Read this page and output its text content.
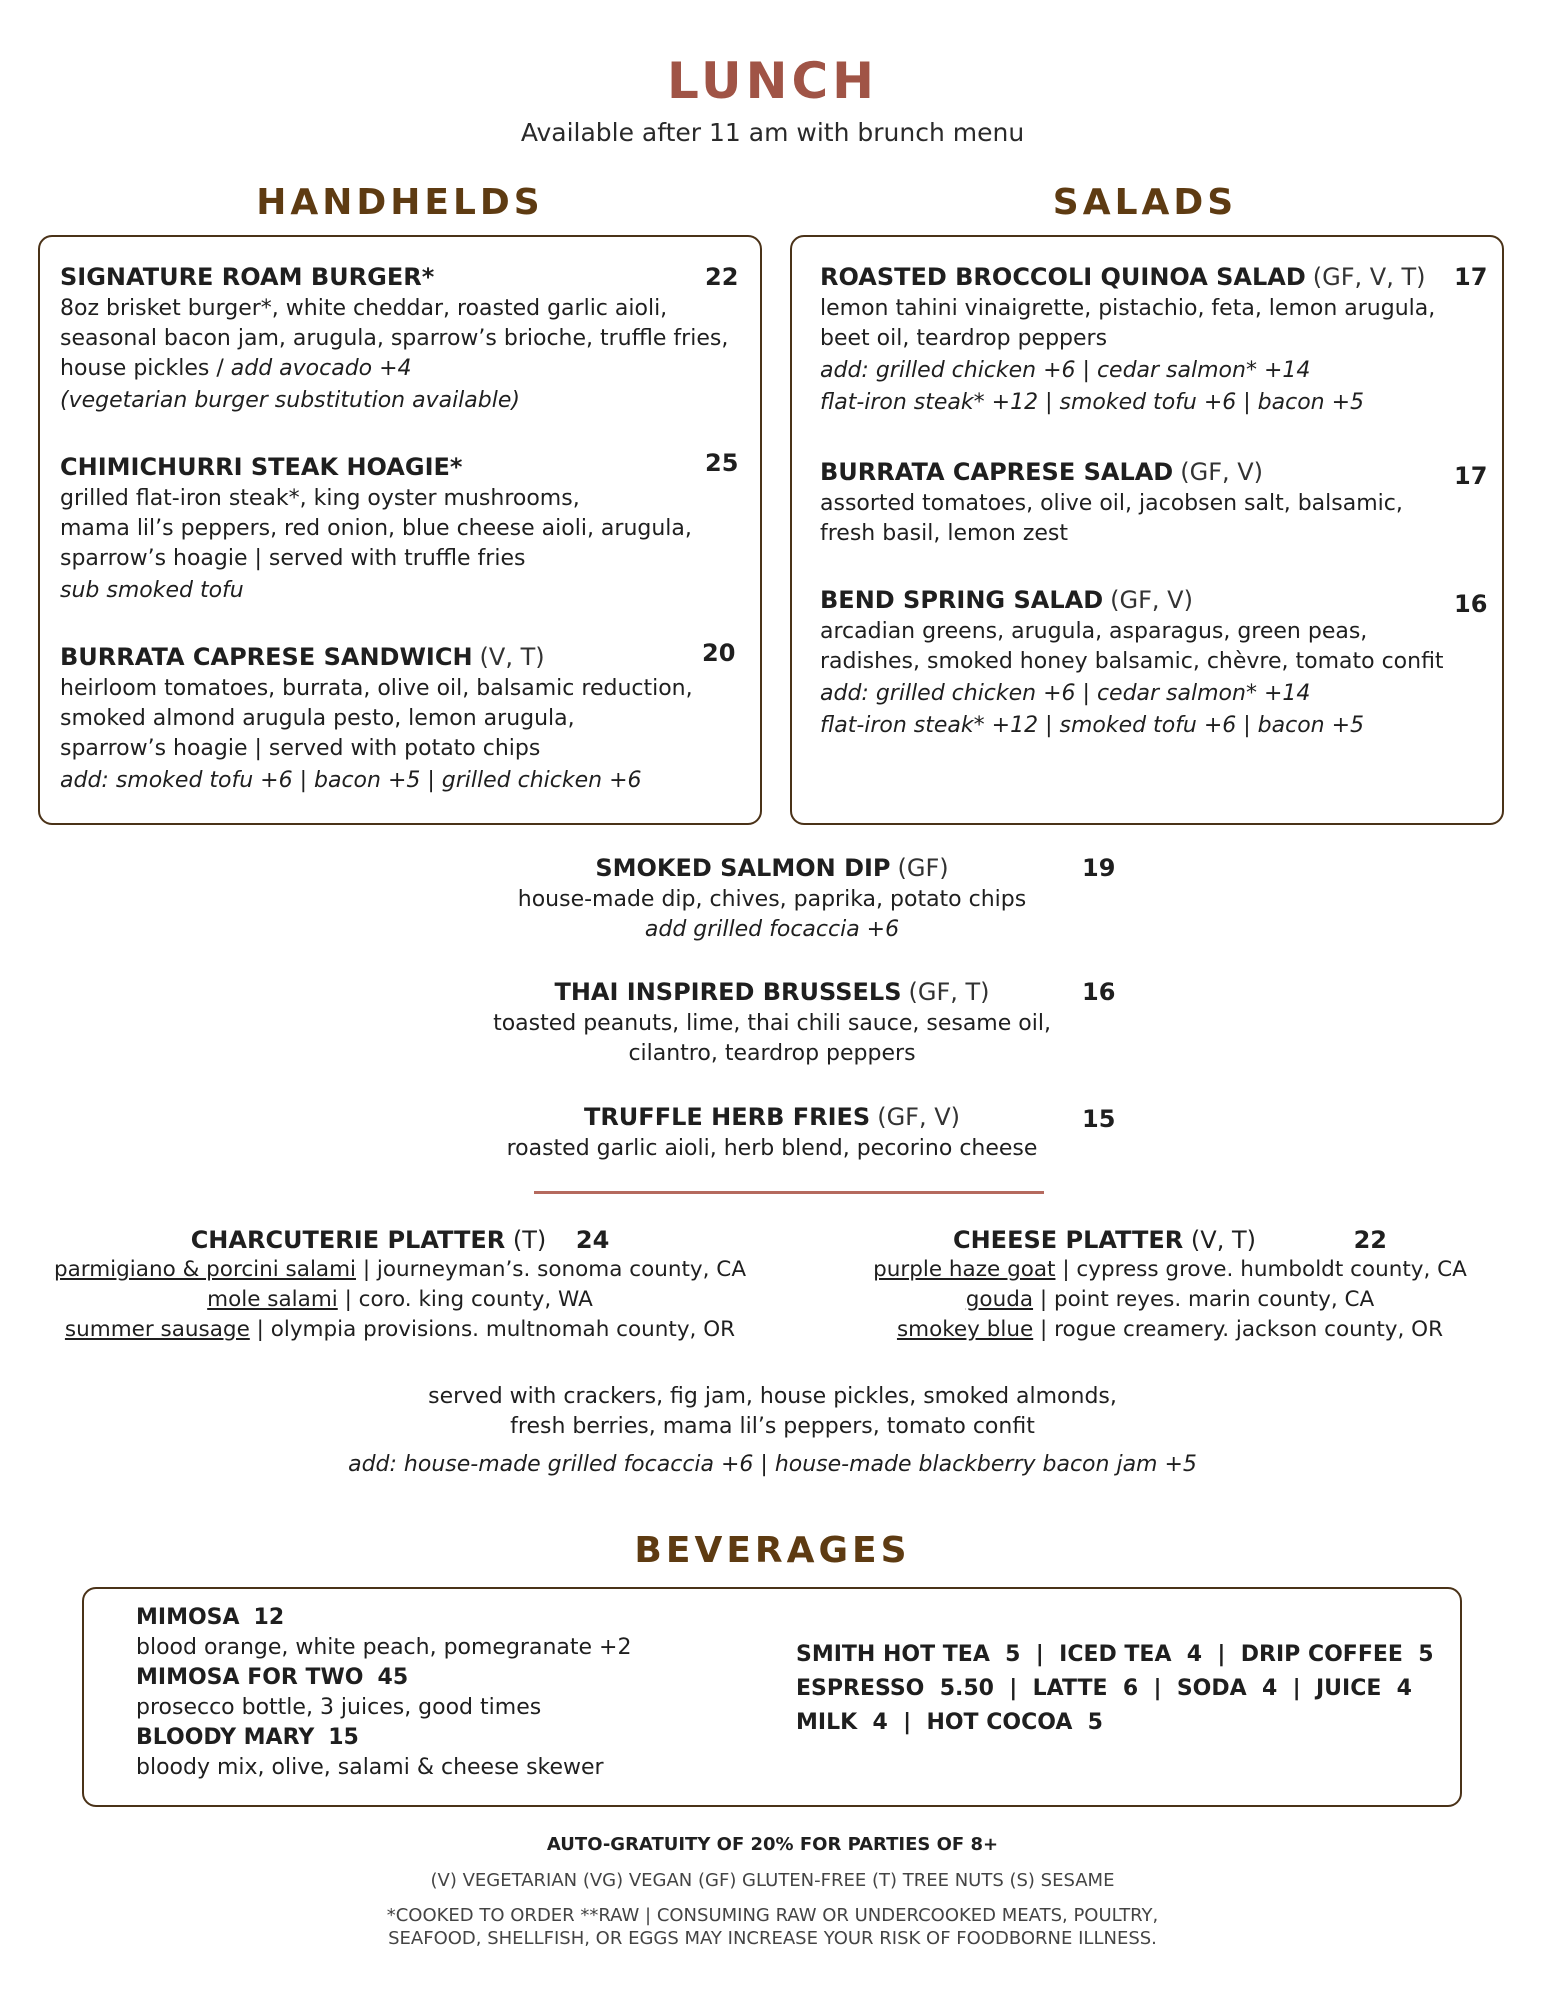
LUNCH
Available after 11 am with brunch menu
HANDHELDS
SIGNATURE ROAM BURGER*	22
8oz brisket burger*, white cheddar, roasted garlic aioli,
seasonal bacon jam, arugula, sparrow’s brioche, truffle fries,
house pickles / add avocado +4
(vegetarian burger substitution available)
CHIMICHURRI STEAK HOAGIE*	25
grilled flat-iron steak*, king oyster mushrooms,
mama lil’s peppers, red onion, blue cheese aioli, arugula,
sparrow’s hoagie | served with truffle fries
sub smoked tofu
BURRATA CAPRESE SANDWICH (V, T)	20
heirloom tomatoes, burrata, olive oil, balsamic reduction,
smoked almond arugula pesto, lemon arugula,
sparrow’s hoagie | served with potato chips
add: smoked tofu +6 | bacon +5 | grilled chicken +6
SALADS
ROASTED BROCCOLI QUINOA SALAD (GF, V, T) 17
lemon tahini vinaigrette, pistachio, feta, lemon arugula,
beet oil, teardrop peppers
add: grilled chicken +6 | cedar salmon* +14
flat-iron steak* +12 | smoked tofu +6 | bacon +5
BURRATA CAPRESE SALAD (GF, V)	17
assorted tomatoes, olive oil, jacobsen salt, balsamic,
fresh basil, lemon zest
BEND SPRING SALAD (GF, V)	16
arcadian greens, arugula, asparagus, green peas,
radishes, smoked honey balsamic, chèvre, tomato confit
add: grilled chicken +6 | cedar salmon* +14
flat-iron steak* +12 | smoked tofu +6 | bacon +5
SMOKED SALMON DIP (GF)	19
house-made dip, chives, paprika, potato chips
add grilled focaccia +6
THAI INSPIRED BRUSSELS (GF, T)	16
toasted peanuts, lime, thai chili sauce, sesame oil,
cilantro, teardrop peppers
TRUFFLE HERB FRIES (GF, V)	15
roasted garlic aioli, herb blend, pecorino cheese
CHARCUTERIE PLATTER (T) 24
parmigiano & porcini salami | journeyman’s. sonoma county, CA
mole salami | coro. king county, WA
summer sausage | olympia provisions. multnomah county, OR
CHEESE PLATTER (V, T)	22
purple haze goat | cypress grove. humboldt county, CA
gouda | point reyes. marin county, CA
smokey blue | rogue creamery. jackson county, OR
served with crackers, fig jam, house pickles, smoked almonds,
fresh berries, mama lil’s peppers, tomato confit
add: house-made grilled focaccia +6 | house-made blackberry bacon jam +5
BEVERAGES
MIMOSA 12
blood orange, white peach, pomegranate +2
MIMOSA FOR TWO 45
prosecco bottle, 3 juices, good times
BLOODY MARY 15
bloody mix, olive, salami & cheese skewer
SMITH HOT TEA  5  |  ICED TEA  4  |  DRIP COFFEE  5
ESPRESSO  5.50  |  LATTE  6  |  SODA  4  |  JUICE  4
MILK  4  |  HOT COCOA  5
AUTO-GRATUITY OF 20% FOR PARTIES OF 8+
(V) VEGETARIAN (VG) VEGAN (GF) GLUTEN-FREE (T) TREE NUTS (S) SESAME
*COOKED TO ORDER **RAW | CONSUMING RAW OR UNDERCOOKED MEATS, POULTRY,
SEAFOOD, SHELLFISH, OR EGGS MAY INCREASE YOUR RISK OF FOODBORNE ILLNESS.
